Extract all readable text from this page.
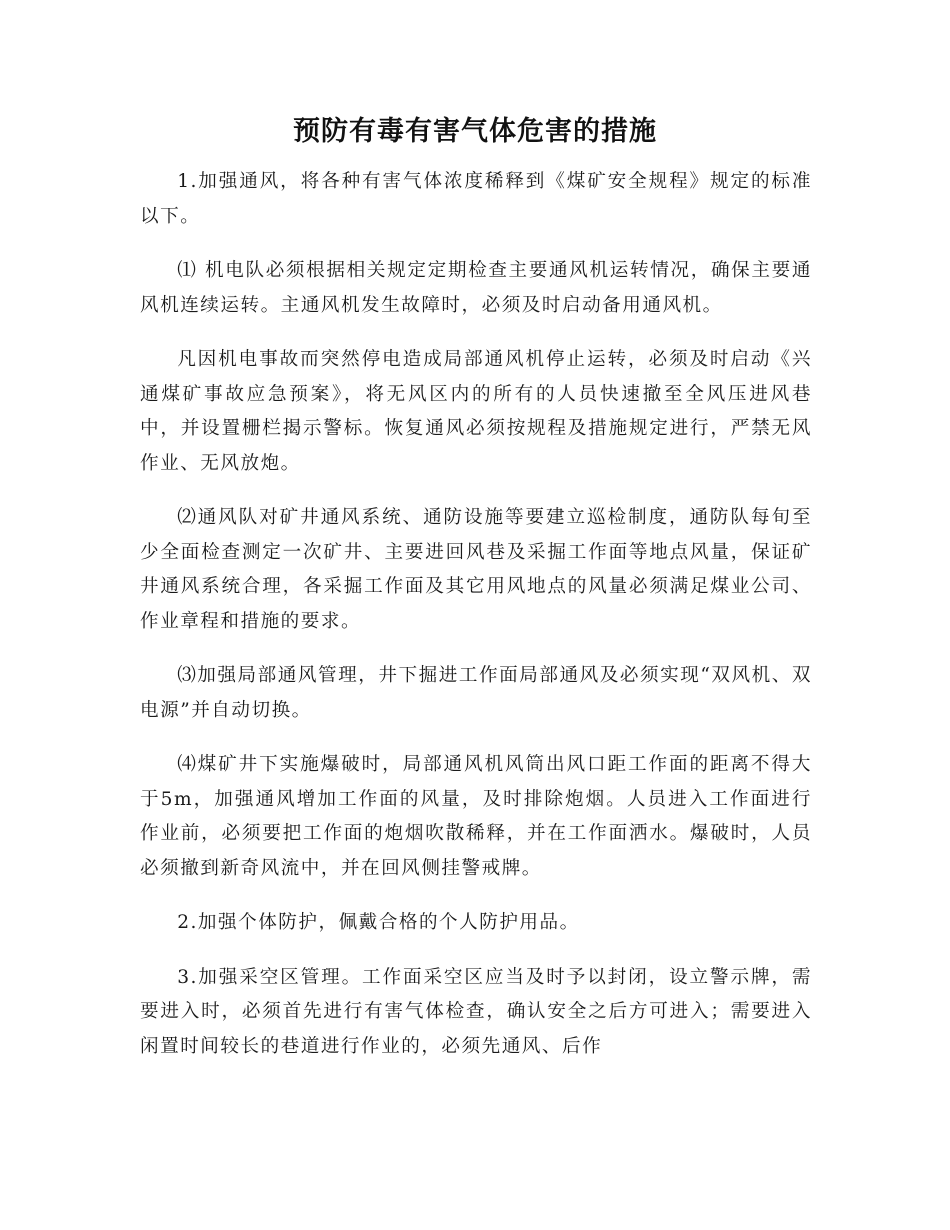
预防有毒有害气体危害的措施

1.加强通风，将各种有害气体浓度稀释到《煤矿安全规程》规定的标准以下。

⑴ 机电队必须根据相关规定定期检查主要通风机运转情况，确保主要通风机连续运转。主通风机发生故障时，必须及时启动备用通风机。

凡因机电事故而突然停电造成局部通风机停止运转，必须及时启动《兴通煤矿事故应急预案》，将无风区内的所有的人员快速撤至全风压进风巷中，并设置栅栏揭示警标。恢复通风必须按规程及措施规定进行，严禁无风作业、无风放炮。

⑵通风队对矿井通风系统、通防设施等要建立巡检制度，通防队每旬至少全面检查测定一次矿井、主要进回风巷及采掘工作面等地点风量，保证矿井通风系统合理，各采掘工作面及其它用风地点的风量必须满足煤业公司、作业章程和措施的要求。

⑶加强局部通风管理，井下掘进工作面局部通风及必须实现“双风机、双电源”并自动切换。

⑷煤矿井下实施爆破时，局部通风机风筒出风口距工作面的距离不得大于5m，加强通风增加工作面的风量，及时排除炮烟。人员进入工作面进行作业前，必须要把工作面的炮烟吹散稀释，并在工作面洒水。爆破时，人员必须撤到新奇风流中，并在回风侧挂警戒牌。

2.加强个体防护，佩戴合格的个人防护用品。

3.加强采空区管理。工作面采空区应当及时予以封闭，设立警示牌，需要进入时，必须首先进行有害气体检查，确认安全之后方可进入；需要进入闲置时间较长的巷道进行作业的，必须先通风、后作
